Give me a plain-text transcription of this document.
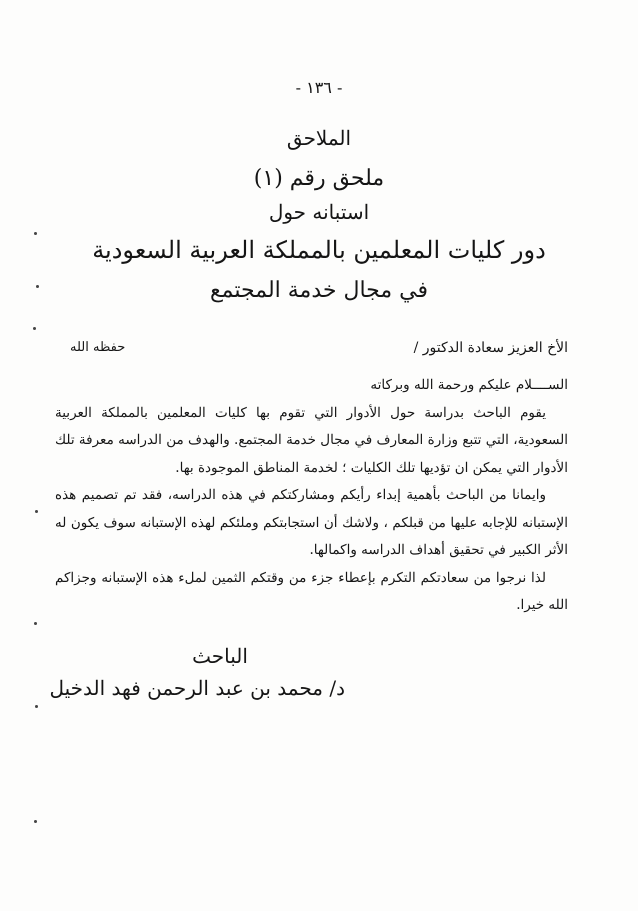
- ١٣٦ -
الملاحق
ملحق رقم (١)
استبانه حول
دور كليات المعلمين بالمملكة العربية السعودية
في مجال خدمة المجتمع
الأخ العزيز سعادة الدكتور /
حفظه الله

الســــلام عليكم ورحمة الله وبركاته

يقوم الباحث بدراسة حول الأدوار التي تقوم بها كليات المعلمين بالمملكة العربية السعودية، التي تتبع وزارة المعارف في مجال خدمة المجتمع. والهدف من الدراسه معرفة تلك الأدوار التي يمكن ان تؤديها تلك الكليات ؛ لخدمة المناطق الموجودة بها.

وايمانا من الباحث بأهمية إبداء رأيكم ومشاركتكم في هذه الدراسه، فقد تم تصميم هذه الإستبانه للإجابه عليها من قبلكم ، ولاشك أن استجابتكم وملئكم لهذه الإستبانه سوف يكون له الأثر الكبير في تحقيق أهداف الدراسه واكمالها.

لذا نرجوا من سعادتكم التكرم بإعطاء جزء من وقتكم الثمين لملء هذه الإستبانه وجزاكم الله خيرا.

الباحث
د/ محمد بن عبد الرحمن فهد الدخيل
